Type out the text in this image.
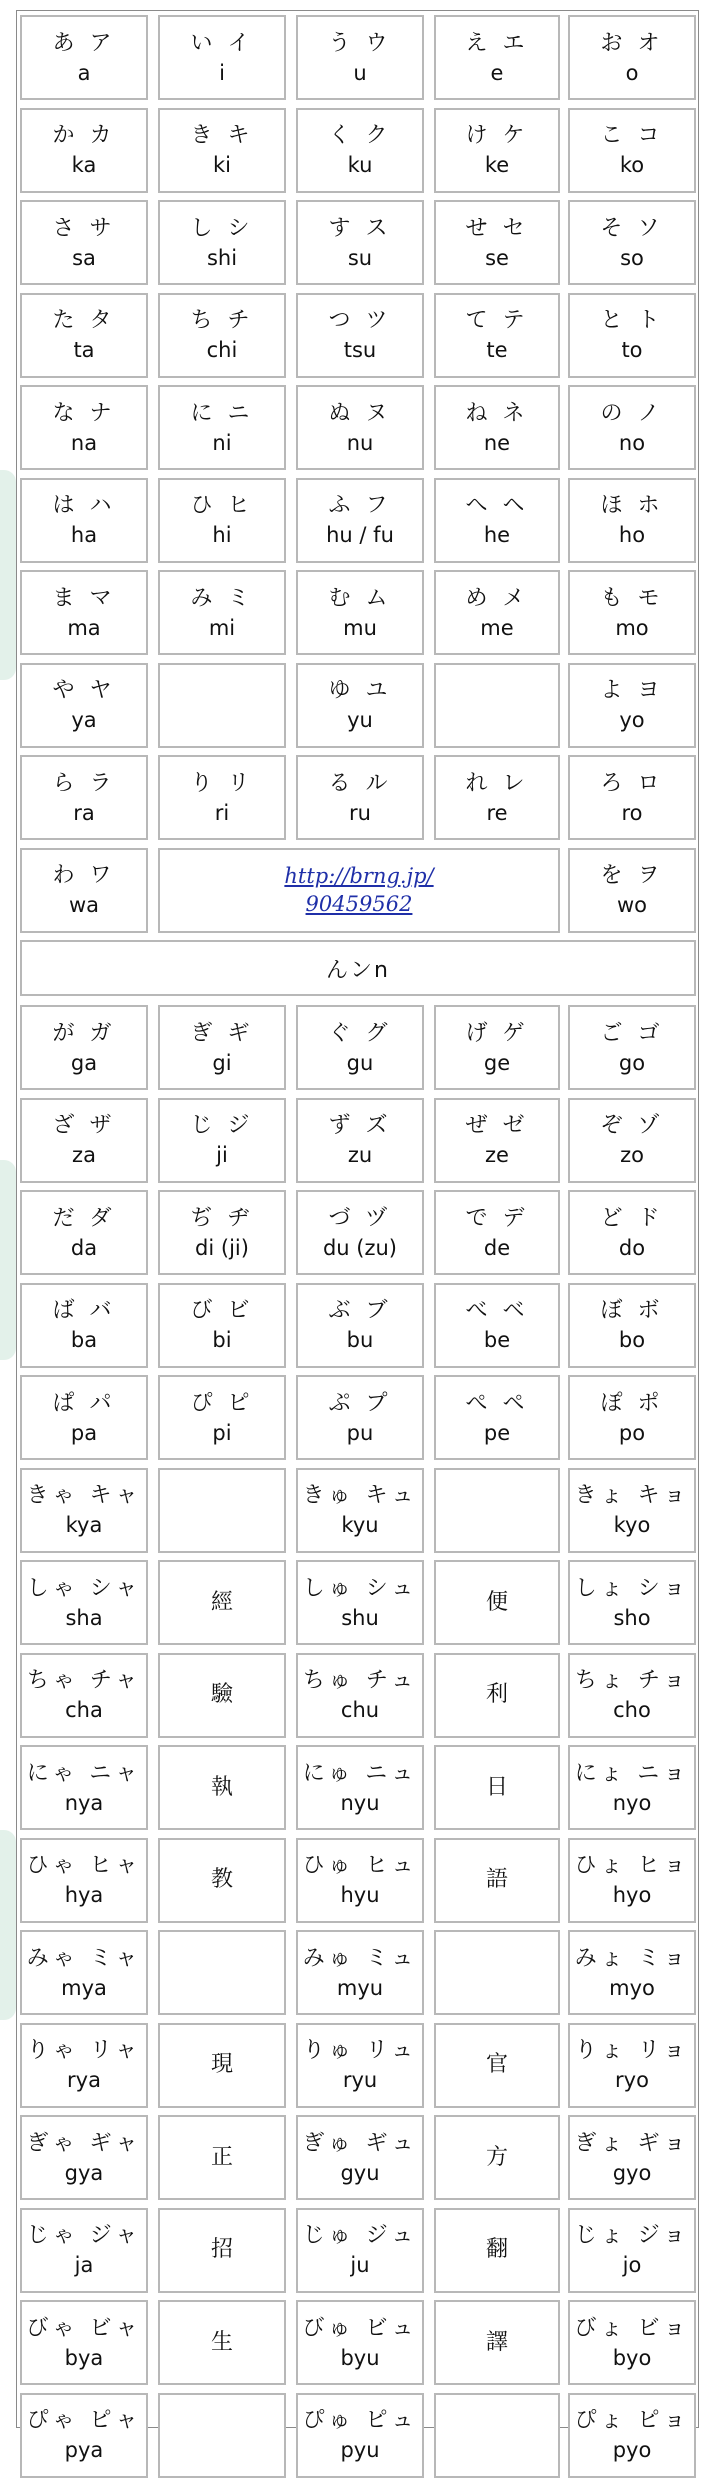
あ ア
a
い イ
i
う ウ
u
え エ
e
お オ
o
か カ
ka
き キ
ki
く ク
ku
け ケ
ke
こ コ
ko
さ サ
sa
し シ
shi
す ス
su
せ セ
se
そ ソ
so
た タ
ta
ち チ
chi
つ ツ
tsu
て テ
te
と ト
to
な ナ
na
に ニ
ni
ぬ ヌ
nu
ね ネ
ne
の ノ
no
は ハ
ha
ひ ヒ
hi
ふ フ
hu / fu
へ ヘ
he
ほ ホ
ho
ま マ
ma
み ミ
mi
む ム
mu
め メ
me
も モ
mo
や ヤ
ya
ゆ ユ
yu
よ ヨ
yo
ら ラ
ra
り リ
ri
る ル
ru
れ レ
re
ろ ロ
ro
わ ワ
wa
を ヲ
wo
http://brng.jp/
90459562
んンn
が ガ
ga
ぎ ギ
gi
ぐ グ
gu
げ ゲ
ge
ご ゴ
go
ざ ザ
za
じ ジ
ji
ず ズ
zu
ぜ ゼ
ze
ぞ ゾ
zo
だ ダ
da
ぢ ヂ
di (ji)
づ ヅ
du (zu)
で デ
de
ど ド
do
ば バ
ba
び ビ
bi
ぶ ブ
bu
べ ベ
be
ぼ ボ
bo
ぱ パ
pa
ぴ ピ
pi
ぷ プ
pu
ぺ ペ
pe
ぽ ポ
po
きゃ キャ
kya
きゅ キュ
kyu
きょ キョ
kyo
しゃ シャ
sha
經
しゅ シュ
shu
便
しょ ショ
sho
ちゃ チャ
cha
驗
ちゅ チュ
chu
利
ちょ チョ
cho
にゃ ニャ
nya
執
にゅ ニュ
nyu
日
にょ ニョ
nyo
ひゃ ヒャ
hya
教
ひゅ ヒュ
hyu
語
ひょ ヒョ
hyo
みゃ ミャ
mya
みゅ ミュ
myu
みょ ミョ
myo
りゃ リャ
rya
現
りゅ リュ
ryu
官
りょ リョ
ryo
ぎゃ ギャ
gya
正
ぎゅ ギュ
gyu
方
ぎょ ギョ
gyo
じゃ ジャ
ja
招
じゅ ジュ
ju
翻
じょ ジョ
jo
びゃ ビャ
bya
生
びゅ ビュ
byu
譯
びょ ビョ
byo
ぴゃ ピャ
pya
ぴゅ ピュ
pyu
ぴょ ピョ
pyo
